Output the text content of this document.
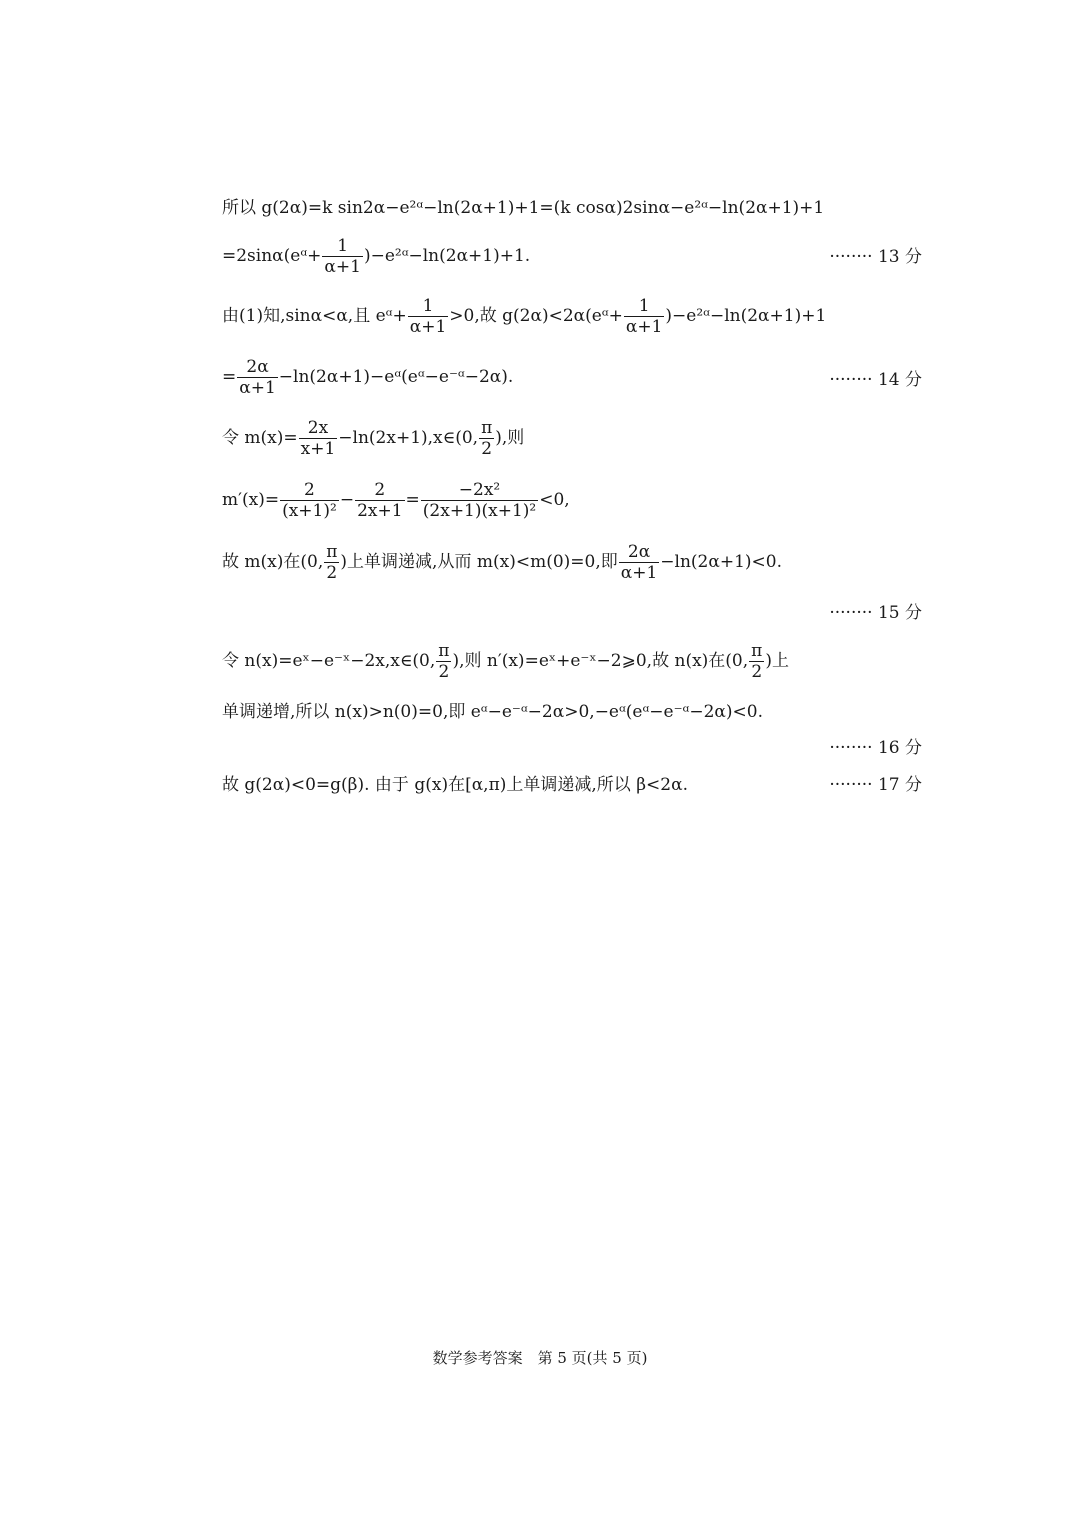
所以 g(2α)=k sin2α−e²ᵅ−ln(2α+1)+1=(k cosα)2sinα−e²ᵅ−ln(2α+1)+1
=2sinα(eᵅ+ $\frac{1}{\alpha+1}$ )−e²ᵅ−ln(2α+1)+1.	········ 13 分
由(1)知,sinα<α,且 eᵅ+ $\frac{1}{\alpha+1} >0$,故 g(2α)<2α(eᵅ+ $\frac{1}{\alpha+1}$ )−e²ᵅ−ln(2α+1)+1
= $\frac{2\alpha}{\alpha+1}$ −ln(2α+1)−eᵅ(eᵅ−e⁻ᵅ−2α).	········ 14 分
令 $m(x)= \frac{2x}{x+1}$ −ln(2x+1),x∈(0, $\frac{\pi}{2}$ ),则
$m'(x)= \frac{2}{\text{(x+1)²}} - \frac{2}{2x+1} = \frac{\text{−2x²}}{\text{(2x+1)(x+1)²}} <0$,
故 m(x)在(0, $\frac{\pi}{2}$ )上单调递减,从而 m(x)<m(0)=0,即 $\frac{2\alpha}{\alpha+1} -\ln(2\alpha+1)<0$.
········ 15 分
令 n(x)=eˣ−e⁻ˣ−2x,x∈(0, $\frac{\pi}{2}$ ),则 n′(x)=eˣ+e⁻ˣ−2⩾0,故 n(x)在(0, $\frac{\pi}{2}$ )上
单调递增,所以 n(x)>n(0)=0,即 eᵅ−e⁻ᵅ−2α>0,−eᵅ(eᵅ−e⁻ᵅ−2α)<0.
········ 16 分
故 g(2α)<0=g(β). 由于 g(x)在[α,π)上单调递减,所以 β<2α.	········ 17 分
数学参考答案　第 5 页(共 5 页)
